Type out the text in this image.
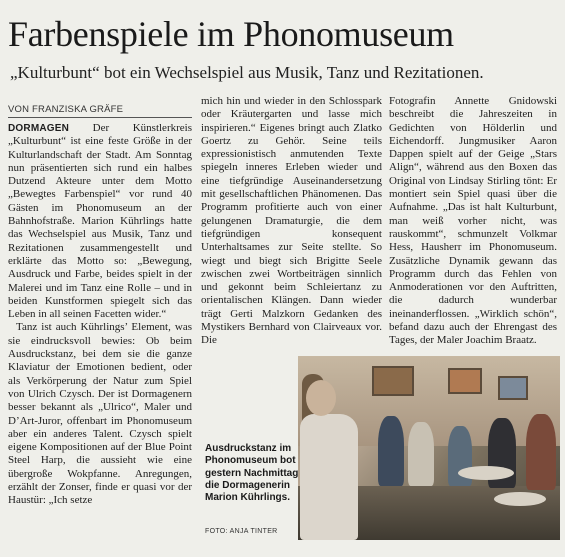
Farbenspiele im Phonomuseum
„Kulturbunt“ bot ein Wechselspiel aus Musik, Tanz und Rezitationen.
VON FRANZISKA GRÄFE

DORMAGEN Der Künstlerkreis „Kulturbunt“ ist eine feste Größe in der Kulturlandschaft der Stadt. Am Sonntag nun präsentierten sich rund ein halbes Dutzend Akteure unter dem Motto „Bewegtes Farbenspiel“ vor rund 40 Gästen im Phonomuseum an der Bahnhofstraße. Marion Kührlings hatte das Wechselspiel aus Musik, Tanz und Rezitationen zusammengestellt und erklärte das Motto so: „Bewegung, Ausdruck und Farbe, beides spielt in der Malerei und im Tanz eine Rolle – und in beiden Kunstformen spiegelt sich das Leben in all seinen Facetten wider.“

Tanz ist auch Kührlings’ Element, was sie eindrucksvoll bewies: Ob beim Ausdruckstanz, bei dem sie die ganze Klaviatur der Emotionen bedient, oder als Verkörperung der Natur zum Spiel von Ulrich Czysch. Der ist Dormagenern besser bekannt als „Ulrico“, Maler und D’Art-Juror, offenbart im Phonomuseum aber ein anderes Talent. Czysch spielt eigene Kompositionen auf der Blue Point Steel Harp, die aussieht wie eine übergroße Wokpfanne. Anregungen, erzählt der Zonser, finde er quasi vor der Haustür: „Ich setze

mich hin und wieder in den Schlosspark oder Kräutergarten und lasse mich inspirieren.“ Eigenes bringt auch Zlatko Goertz zu Gehör. Seine teils expressionistisch anmutenden Texte spiegeln inneres Erleben wieder und eine tiefgründige Auseinandersetzung mit gesellschaftlichen Phänomenen. Das Programm profitierte auch von einer gelungenen Dramaturgie, die dem tiefgründigen konsequent Unterhaltsames zur Seite stellte. So wiegt und biegt sich Brigitte Seele zwischen zwei Wortbeiträgen sinnlich und gekonnt beim Schleiertanz zu orientalischen Klängen. Dann wieder trägt Gerti Malzkorn Gedanken des Mystikers Bernhard von Clairveaux vor. Die

Fotografin Annette Gnidowski beschreibt die Jahreszeiten in Gedichten von Hölderlin und Eichendorff. Jungmusiker Aaron Dappen spielt auf der Geige „Stars Align“, während aus den Boxen das Original von Lindsay Stirling tönt: Er montiert sein Spiel quasi über die Aufnahme. „Das ist halt Kulturbunt, man weiß vorher nicht, was rauskommt“, schmunzelt Volkmar Hess, Hausherr im Phonomuseum. Zusätzliche Dynamik gewann das Programm durch das Fehlen von Anmoderationen vor den Auftritten, die dadurch wunderbar ineinanderflossen. „Wirklich schön“, befand dazu auch der Ehrengast des Tages, der Maler Joachim Braatz.

Ausdruckstanz im Phonomuseum bot gestern Nachmittag die Dormagenerin Marion Kührlings.
FOTO: ANJA TINTER
